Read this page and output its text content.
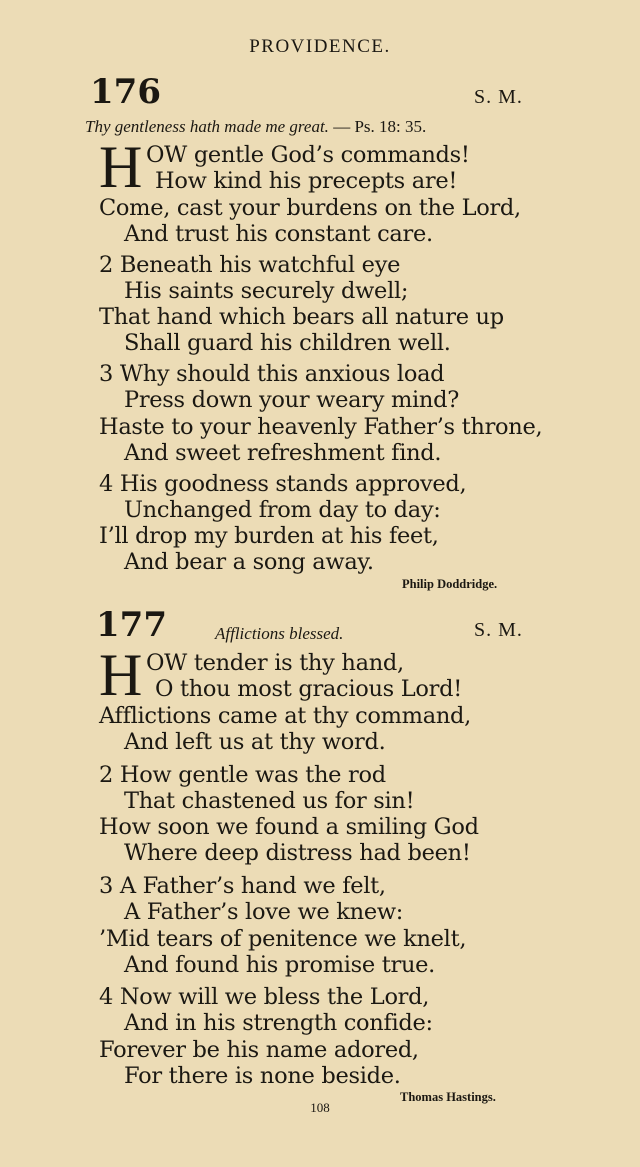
PROVIDENCE.
176	S. M.
Thy gentleness hath made me great. — Ps. 18: 35.
H OW gentle God’s commands!
How kind his precepts are!
Come, cast your burdens on the Lord,
And trust his constant care.
2 Beneath his watchful eye
His saints securely dwell;
That hand which bears all nature up
Shall guard his children well.
3 Why should this anxious load
Press down your weary mind?
Haste to your heavenly Father’s throne,
And sweet refreshment find.
4 His goodness stands approved,
Unchanged from day to day:
I’ll drop my burden at his feet,
And bear a song away.
Philip Doddridge.
177	Afflictions blessed.	S. M.
H OW tender is thy hand,
O thou most gracious Lord!
Afflictions came at thy command,
And left us at thy word.
2 How gentle was the rod
That chastened us for sin!
How soon we found a smiling God
Where deep distress had been!
3 A Father’s hand we felt,
A Father’s love we knew:
’Mid tears of penitence we knelt,
And found his promise true.
4 Now will we bless the Lord,
And in his strength confide:
Forever be his name adored,
For there is none beside.
Thomas Hastings.
108
